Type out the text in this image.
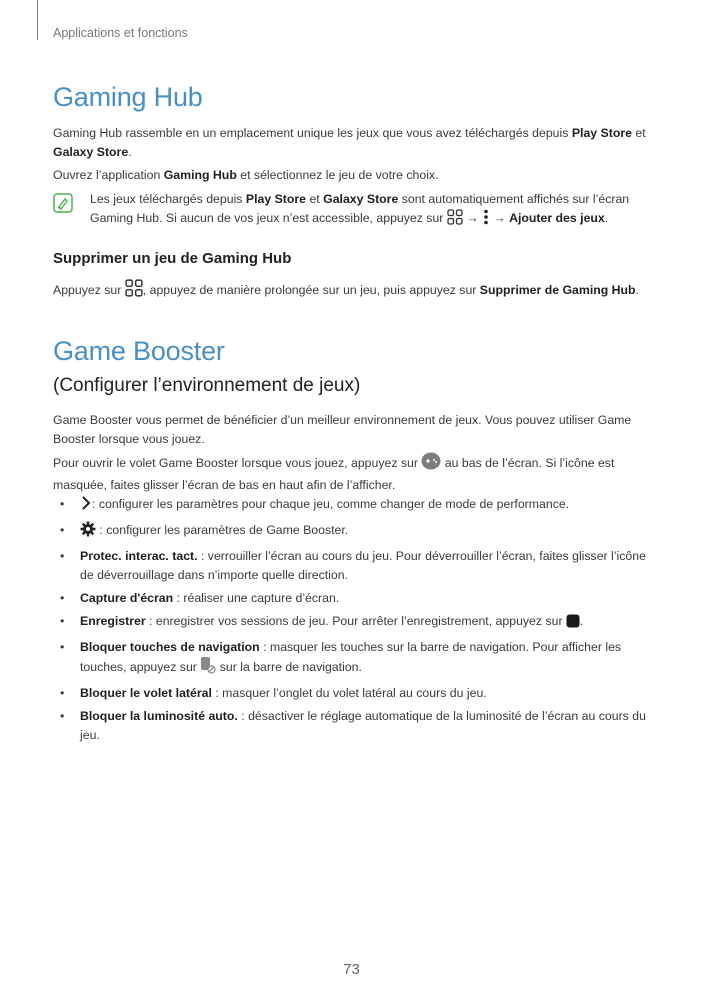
Applications et fonctions
Gaming Hub
Gaming Hub rassemble en un emplacement unique les jeux que vous avez téléchargés depuis Play Store et Galaxy Store.
Ouvrez l’application Gaming Hub et sélectionnez le jeu de votre choix.
Les jeux téléchargés depuis Play Store et Galaxy Store sont automatiquement affichés sur l’écran Gaming Hub. Si aucun de vos jeux n’est accessible, appuyez sur  →  → Ajouter des jeux.
Supprimer un jeu de Gaming Hub
Appuyez sur , appuyez de manière prolongée sur un jeu, puis appuyez sur Supprimer de Gaming Hub.
Game Booster
(Configurer l’environnement de jeux)
Game Booster vous permet de bénéficier d’un meilleur environnement de jeux. Vous pouvez utiliser Game Booster lorsque vous jouez.
Pour ouvrir le volet Game Booster lorsque vous jouez, appuyez sur  au bas de l’écran. Si l’icône est masquée, faites glisser l’écran de bas en haut afin de l’afficher.
• : configurer les paramètres pour chaque jeu, comme changer de mode de performance.
•	: configurer les paramètres de Game Booster.
• Protec. interac. tact. : verrouiller l’écran au cours du jeu. Pour déverrouiller l’écran, faites glisser l’icône de déverrouillage dans n’importe quelle direction.
• Capture d'écran : réaliser une capture d’écran.
• Enregistrer : enregistrer vos sessions de jeu. Pour arrêter l’enregistrement, appuyez sur .
• Bloquer touches de navigation : masquer les touches sur la barre de navigation. Pour afficher les touches, appuyez sur  sur la barre de navigation.
• Bloquer le volet latéral : masquer l’onglet du volet latéral au cours du jeu.
• Bloquer la luminosité auto. : désactiver le réglage automatique de la luminosité de l’écran au cours du jeu.
73
